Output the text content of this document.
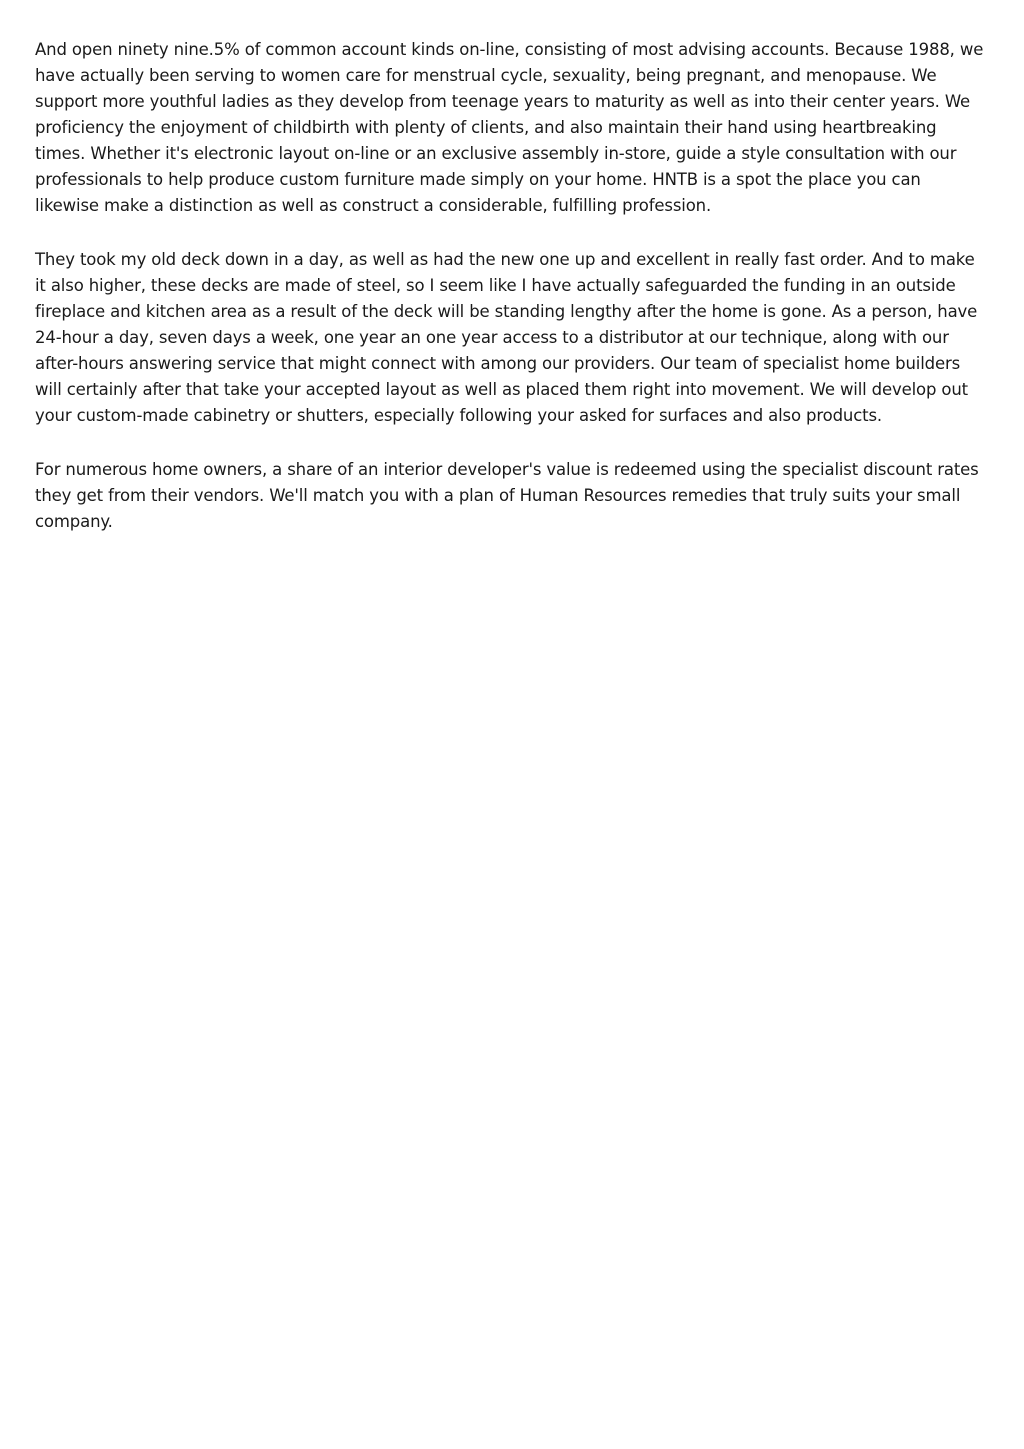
And open ninety nine.5% of common account kinds on-line, consisting of most advising accounts. Because 1988, we have actually been serving to women care for menstrual cycle, sexuality, being pregnant, and menopause. We support more youthful ladies as they develop from teenage years to maturity as well as into their center years. We proficiency the enjoyment of childbirth with plenty of clients, and also maintain their hand using heartbreaking times. Whether it's electronic layout on-line or an exclusive assembly in-store, guide a style consultation with our professionals to help produce custom furniture made simply on your home. HNTB is a spot the place you can likewise make a distinction as well as construct a considerable, fulfilling profession.

They took my old deck down in a day, as well as had the new one up and excellent in really fast order. And to make it also higher, these decks are made of steel, so I seem like I have actually safeguarded the funding in an outside fireplace and kitchen area as a result of the deck will be standing lengthy after the home is gone. As a person, have 24-hour a day, seven days a week, one year an one year access to a distributor at our technique, along with our after-hours answering service that might connect with among our providers. Our team of specialist home builders will certainly after that take your accepted layout as well as placed them right into movement. We will develop out your custom-made cabinetry or shutters, especially following your asked for surfaces and also products.

For numerous home owners, a share of an interior developer's value is redeemed using the specialist discount rates they get from their vendors. We'll match you with a plan of Human Resources remedies that truly suits your small company.
